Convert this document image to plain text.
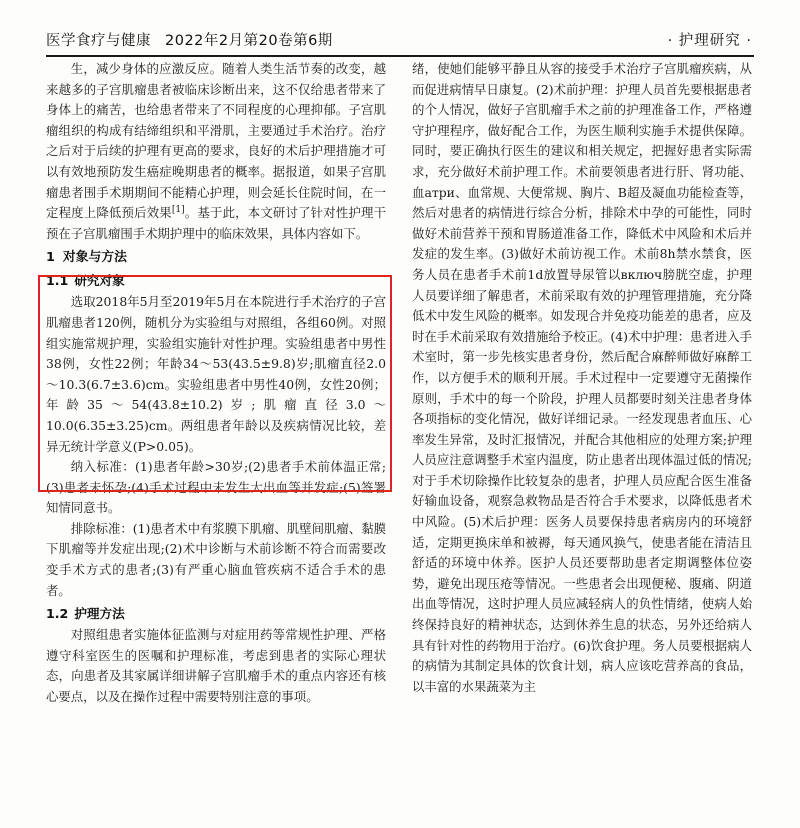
医学食疗与健康 2022年2月第20卷第6期	· 护理研究 ·

生，减少身体的应激反应。随着人类生活节奏的改变，越来越多的子宫肌瘤患者被临床诊断出来，这不仅给患者带来了身体上的痛苦，也给患者带来了不同程度的心理抑郁。子宫肌瘤组织的构成有结缔组织和平滑肌，主要通过手术治疗。治疗之后对于后续的护理有更高的要求，良好的术后护理措施才可以有效地预防发生癌症晚期患者的概率。据报道，如果子宫肌瘤患者围手术期期间不能精心护理，则会延长住院时间，在一定程度上降低预后效果[1]。基于此，本文研讨了针对性护理干预在子宫肌瘤围手术期护理中的临床效果，具体内容如下。

1 对象与方法
1.1 研究对象

选取2018年5月至2019年5月在本院进行手术治疗的子宫肌瘤患者120例，随机分为实验组与对照组，各组60例。对照组实施常规护理，实验组实施针对性护理。实验组患者中男性38例，女性22例；年龄34～53(43.5±9.8)岁;肌瘤直径2.0～10.3(6.7±3.6)cm。实验组患者中男性40例，女性20例；年龄35～54(43.8±10.2)岁;肌瘤直径3.0～10.0(6.35±3.25)cm。两组患者年龄以及疾病情况比较，差异无统计学意义(P>0.05)。

纳入标准：(1)患者年龄>30岁;(2)患者手术前体温正常;(3)患者未怀孕;(4)手术过程中未发生大出血等并发症;(5)签署知情同意书。

排除标准：(1)患者术中有浆膜下肌瘤、肌壁间肌瘤、黏膜下肌瘤等并发症出现;(2)术中诊断与术前诊断不符合而需要改变手术方式的患者;(3)有严重心脑血管疾病不适合手术的患者。

1.2 护理方法

对照组患者实施体征监测与对症用药等常规性护理、严格遵守科室医生的医嘱和护理标准，考虑到患者的实际心理状态，向患者及其家属详细讲解子宫肌瘤手术的重点内容还有核心要点，以及在操作过程中需要特别注意的事项。

绪，使她们能够平静且从容的接受手术治疗子宫肌瘤疾病，从而促进病情早日康复。(2)术前护理：护理人员首先要根据患者的个人情况，做好子宫肌瘤手术之前的护理准备工作，严格遵守护理程序，做好配合工作，为医生顺利实施手术提供保障。同时，要正确执行医生的建议和相关规定，把握好患者实际需求，充分做好术前护理工作。术前要领患者进行肝、肾功能、血атри、血常规、大便常规、胸片、B超及凝血功能检查等，然后对患者的病情进行综合分析，排除术中孕的可能性，同时做好术前营养干预和胃肠道准备工作，降低术中风险和术后并发症的发生率。(3)做好术前访视工作。术前8h禁水禁食，医务人员在患者手术前1d放置导尿管以включ膀胱空虚，护理人员要详细了解患者，术前采取有效的护理管理措施，充分降低术中发生风险的概率。如发现合并免疫功能差的患者，应及时在手术前采取有效措施给予校正。(4)术中护理：患者进入手术室时，第一步先核实患者身份，然后配合麻醉师做好麻醉工作，以方便手术的顺利开展。手术过程中一定要遵守无菌操作原则，手术中的每一个阶段，护理人员都要时刻关注患者身体各项指标的变化情况，做好详细记录。一经发现患者血压、心率发生异常，及时汇报情况，并配合其他相应的处理方案;护理人员应注意调整手术室内温度，防止患者出现体温过低的情况;对于手术切除操作比较复杂的患者，护理人员应配合医生准备好输血设备，观察急救物品是否符合手术要求，以降低患者术中风险。(5)术后护理：医务人员要保持患者病房内的环境舒适，定期更换床单和被褥，每天通风换气，使患者能在清洁且舒适的环境中休养。医护人员还要帮助患者定期调整体位姿势，避免出现压疮等情况。一些患者会出现便秘、腹痛、阴道出血等情况，这时护理人员应减轻病人的负性情绪，使病人始终保持良好的精神状态，达到休养生息的状态，另外还给病人具有针对性的药物用于治疗。(6)饮食护理。务人员要根据病人的病情为其制定具体的饮食计划，病人应该吃营养高的食品，以丰富的水果蔬菜为主
